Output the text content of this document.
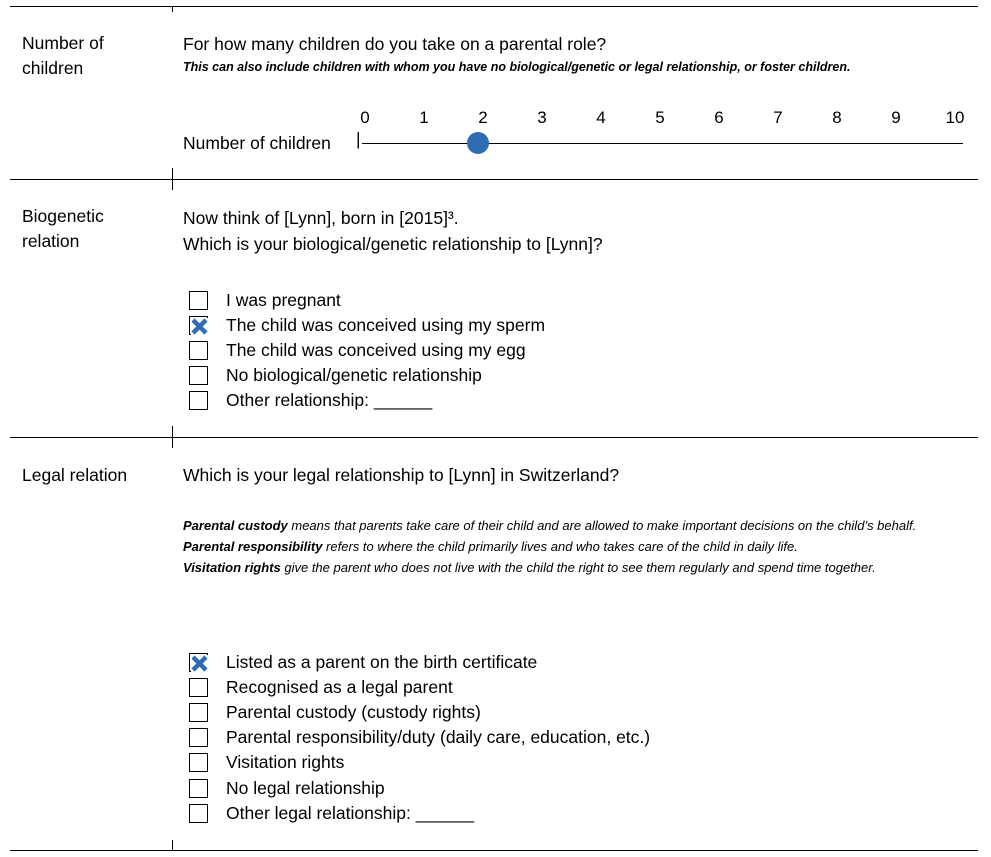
Number of children
For how many children do you take on a parental role?
This can also include children with whom you have no biological/genetic or legal relationship, or foster children.
0	1	2	3	4	5	6	7	8	9	10
Number of children |
Biogenetic relation
Now think of [Lynn], born in [2015]³.
Which is your biological/genetic relationship to [Lynn]?
I was pregnant
The child was conceived using my sperm
The child was conceived using my egg
No biological/genetic relationship
Other relationship: ______
Legal relation	Which is your legal relationship to [Lynn] in Switzerland?
Parental custody means that parents take care of their child and are allowed to make important decisions on the child’s behalf.
Parental responsibility refers to where the child primarily lives and who takes care of the child in daily life.
Visitation rights give the parent who does not live with the child the right to see them regularly and spend time together.
Listed as a parent on the birth certificate
Recognised as a legal parent
Parental custody (custody rights)
Parental responsibility/duty (daily care, education, etc.)
Visitation rights
No legal relationship
Other legal relationship: ______
